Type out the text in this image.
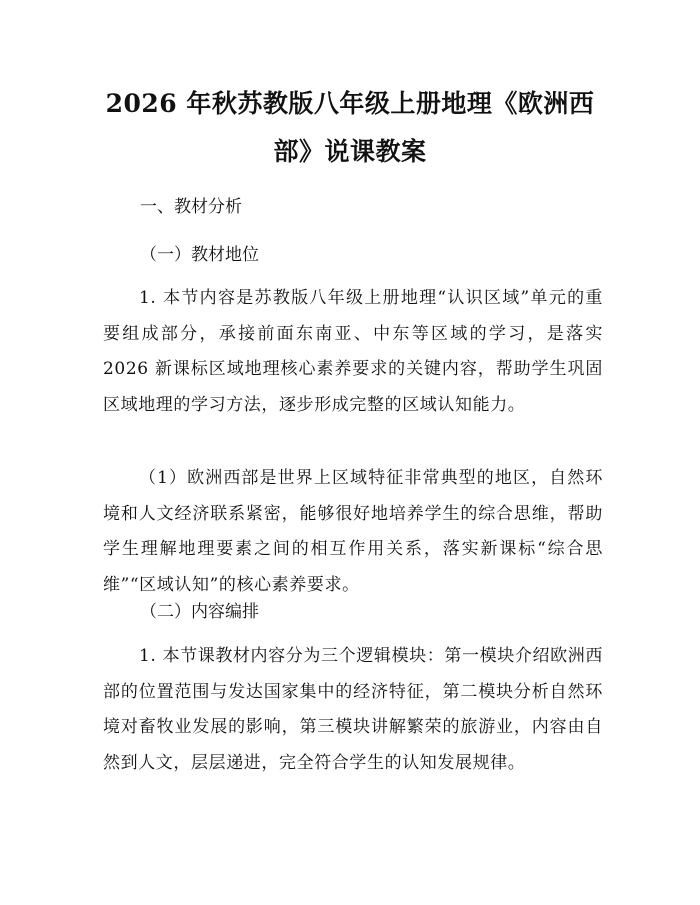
2026 年秋苏教版八年级上册地理《欧洲西
部》说课教案
一、教材分析
（一）教材地位
1. 本节内容是苏教版八年级上册地理“认识区域”单元的重要组成部分，承接前面东南亚、中东等区域的学习，是落实 2026 新课标区域地理核心素养要求的关键内容，帮助学生巩固区域地理的学习方法，逐步形成完整的区域认知能力。
（1）欧洲西部是世界上区域特征非常典型的地区，自然环境和人文经济联系紧密，能够很好地培养学生的综合思维，帮助学生理解地理要素之间的相互作用关系，落实新课标“综合思维”“区域认知”的核心素养要求。
（二）内容编排
1. 本节课教材内容分为三个逻辑模块：第一模块介绍欧洲西部的位置范围与发达国家集中的经济特征，第二模块分析自然环境对畜牧业发展的影响，第三模块讲解繁荣的旅游业，内容由自然到人文，层层递进，完全符合学生的认知发展规律。
